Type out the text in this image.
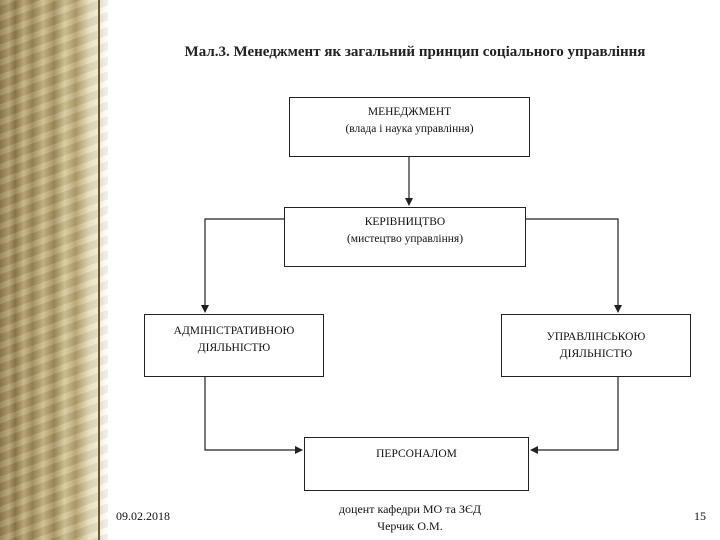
Мал.3. Менеджмент як загальний принцип соціального управління
МЕНЕДЖМЕНТ
(влада і наука управління)
КЕРІВНИЦТВО
(мистецтво управління)
АДМІНІСТРАТИВНОЮ
ДІЯЛЬНІСТЮ
УПРАВЛІНСЬКОЮ
ДІЯЛЬНІСТЮ
ПЕРСОНАЛОМ
09.02.2018	доцент кафедри МО та ЗЄД
Черчик О.М.
15
